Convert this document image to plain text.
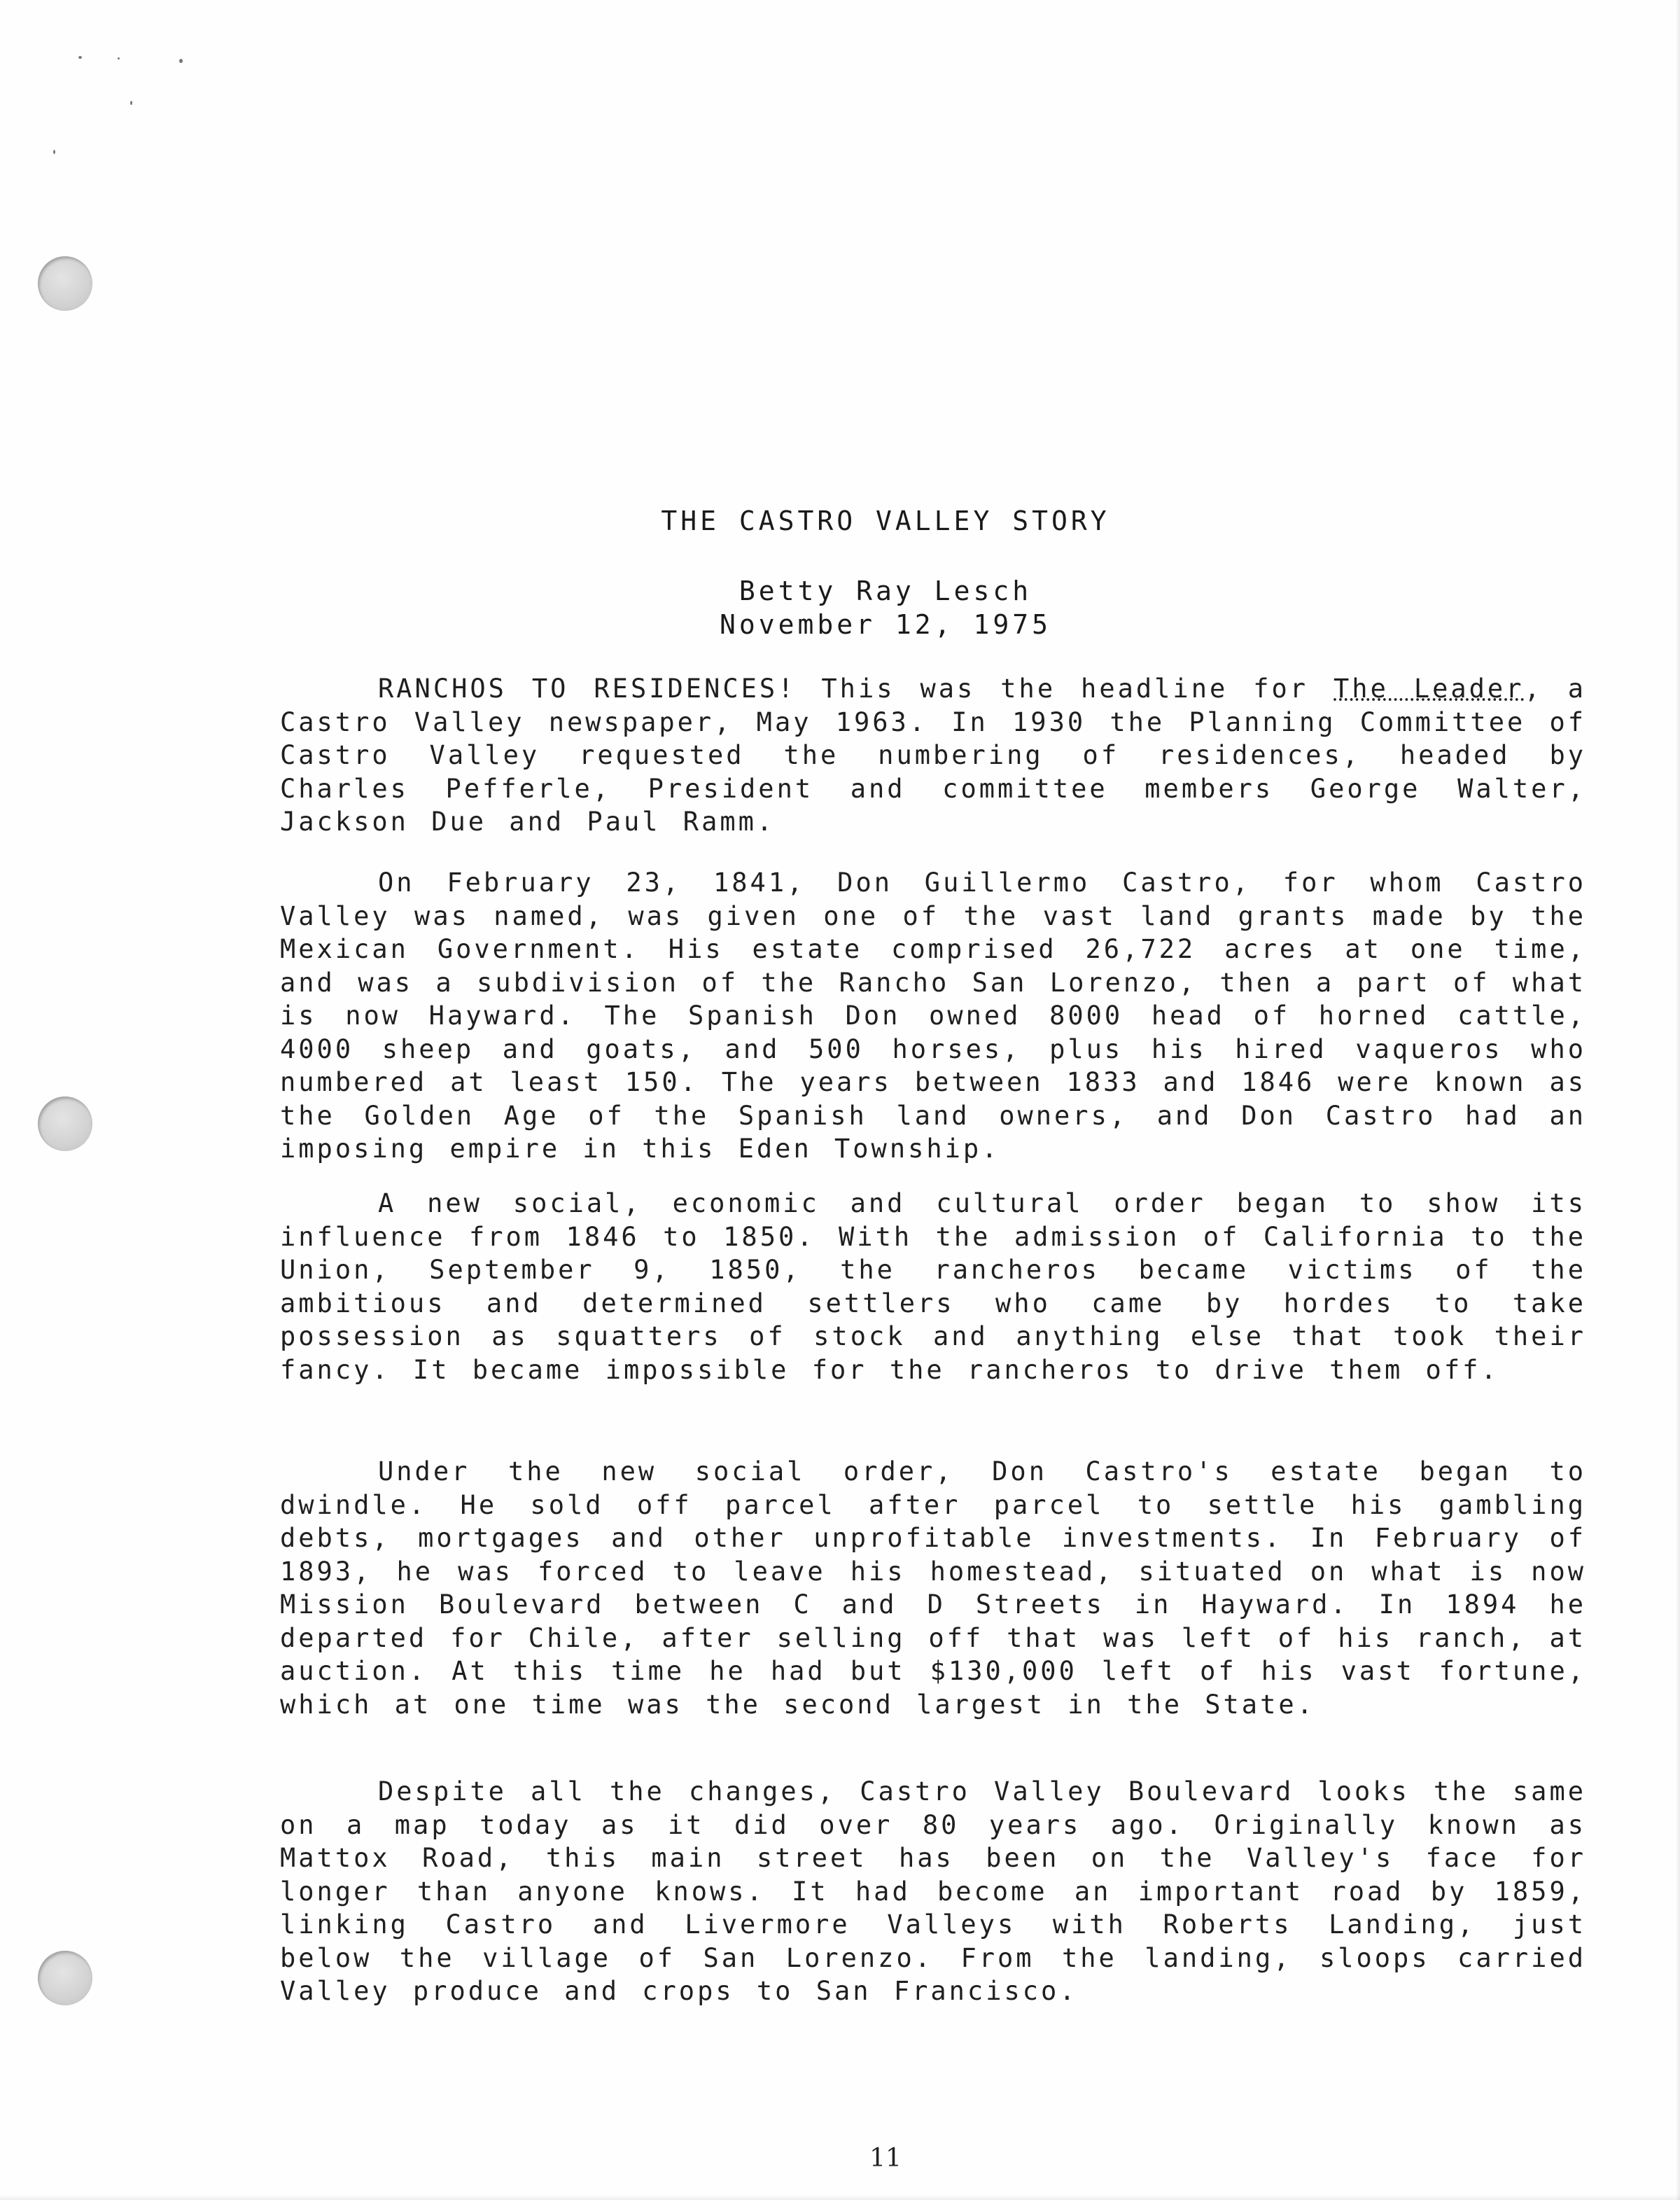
THE CASTRO VALLEY STORY
Betty Ray Lesch
November 12, 1975

RANCHOS TO RESIDENCES! This was the headline for The Leader, a Castro Valley newspaper, May 1963. In 1930 the Planning Committee of Castro Valley requested the numbering of residences, headed by Charles Pefferle, President and committee members George Walter, Jackson Due and Paul Ramm.

On February 23, 1841, Don Guillermo Castro, for whom Castro Valley was named, was given one of the vast land grants made by the Mexican Government. His estate comprised 26,722 acres at one time, and was a subdivision of the Rancho San Lorenzo, then a part of what is now Hayward. The Spanish Don owned 8000 head of horned cattle, 4000 sheep and goats, and 500 horses, plus his hired vaqueros who numbered at least 150. The years between 1833 and 1846 were known as the Golden Age of the Spanish land owners, and Don Castro had an imposing empire in this Eden Township.

A new social, economic and cultural order began to show its influence from 1846 to 1850. With the admission of California to the Union, September 9, 1850, the rancheros became victims of the ambitious and determined settlers who came by hordes to take possession as squatters of stock and anything else that took their fancy. It became impossible for the rancheros to drive them off.

Under the new social order, Don Castro's estate began to dwindle. He sold off parcel after parcel to settle his gambling debts, mortgages and other unprofitable investments. In February of 1893, he was forced to leave his homestead, situated on what is now Mission Boulevard between C and D Streets in Hayward. In 1894 he departed for Chile, after selling off that was left of his ranch, at auction. At this time he had but $130,000 left of his vast fortune, which at one time was the second largest in the State.

Despite all the changes, Castro Valley Boulevard looks the same on a map today as it did over 80 years ago. Originally known as Mattox Road, this main street has been on the Valley's face for longer than anyone knows. It had become an important road by 1859, linking Castro and Livermore Valleys with Roberts Landing, just below the village of San Lorenzo. From the landing, sloops carried Valley produce and crops to San Francisco.

11
